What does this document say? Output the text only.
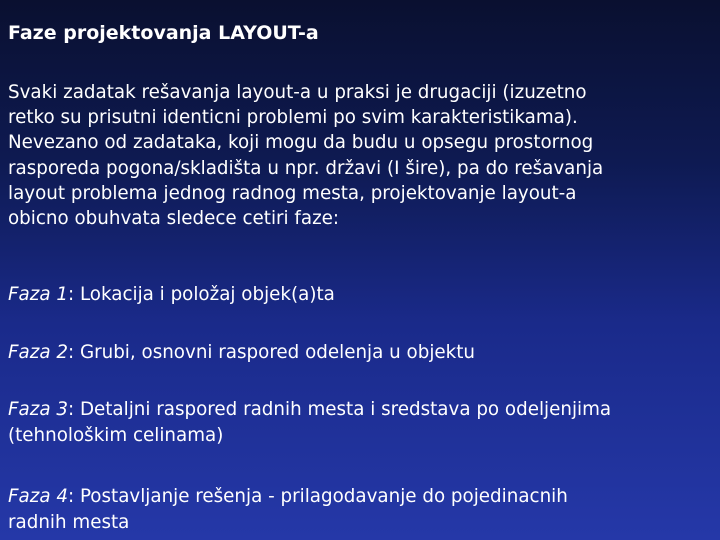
Faze projektovanja LAYOUT-a
Svaki zadatak rešavanja layout-a u praksi je drugaciji (izuzetno
retko su prisutni identicni problemi po svim karakteristikama).
Nevezano od zadataka, koji mogu da budu u opsegu prostornog
rasporeda pogona/skladišta u npr. državi (I šire), pa do rešavanja
layout problema jednog radnog mesta, projektovanje layout-a
obicno obuhvata sledece cetiri faze:
Faza 1: Lokacija i položaj objek(a)ta
Faza 2: Grubi, osnovni raspored odelenja u objektu
Faza 3: Detaljni raspored radnih mesta i sredstava po odeljenjima
(tehnološkim celinama)
Faza 4: Postavljanje rešenja - prilagodavanje do pojedinacnih
radnih mesta
